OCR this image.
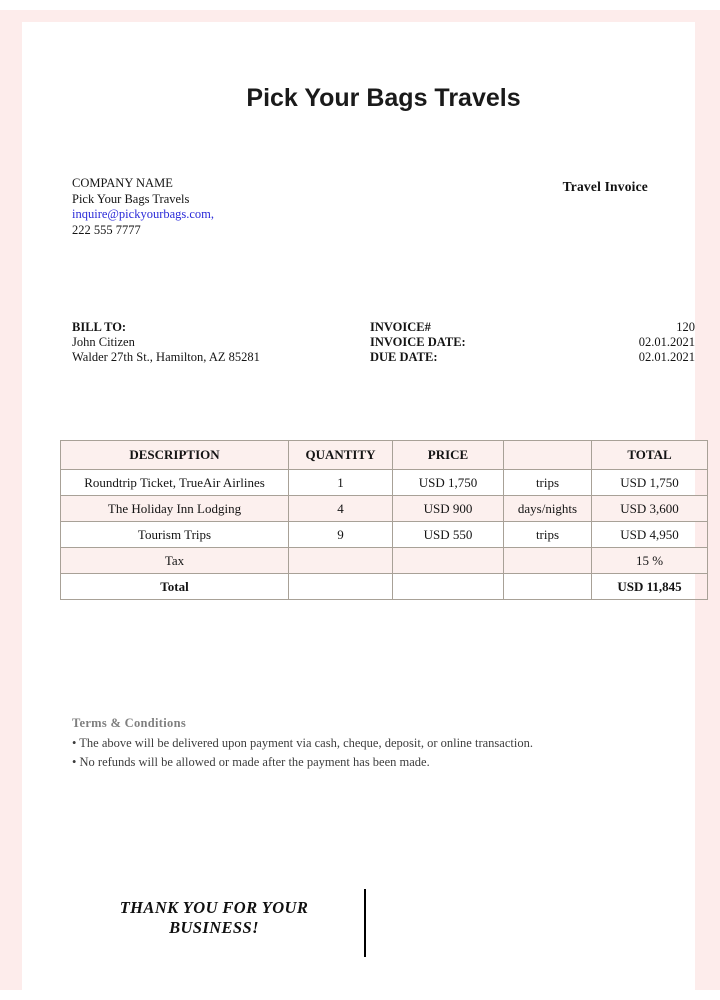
Pick Your Bags Travels
COMPANY NAME
Pick Your Bags Travels
inquire@pickyourbags.com,
222 555 7777
Travel Invoice
BILL TO:
John Citizen
Walder 27th St., Hamilton, AZ 85281
INVOICE#	120
INVOICE DATE:	02.01.2021
DUE DATE:	02.01.2021
DESCRIPTION	QUANTITY	PRICE		TOTAL
Roundtrip Ticket, TrueAir Airlines	1	USD 1,750	trips	USD 1,750
The Holiday Inn Lodging	4	USD 900	days/nights	USD 3,600
Tourism Trips	9	USD 550	trips	USD 4,950
Tax				15 %
Total				USD 11,845
Terms & Conditions
• The above will be delivered upon payment via cash, cheque, deposit, or online transaction.
• No refunds will be allowed or made after the payment has been made.
THANK YOU FOR YOUR
BUSINESS!
